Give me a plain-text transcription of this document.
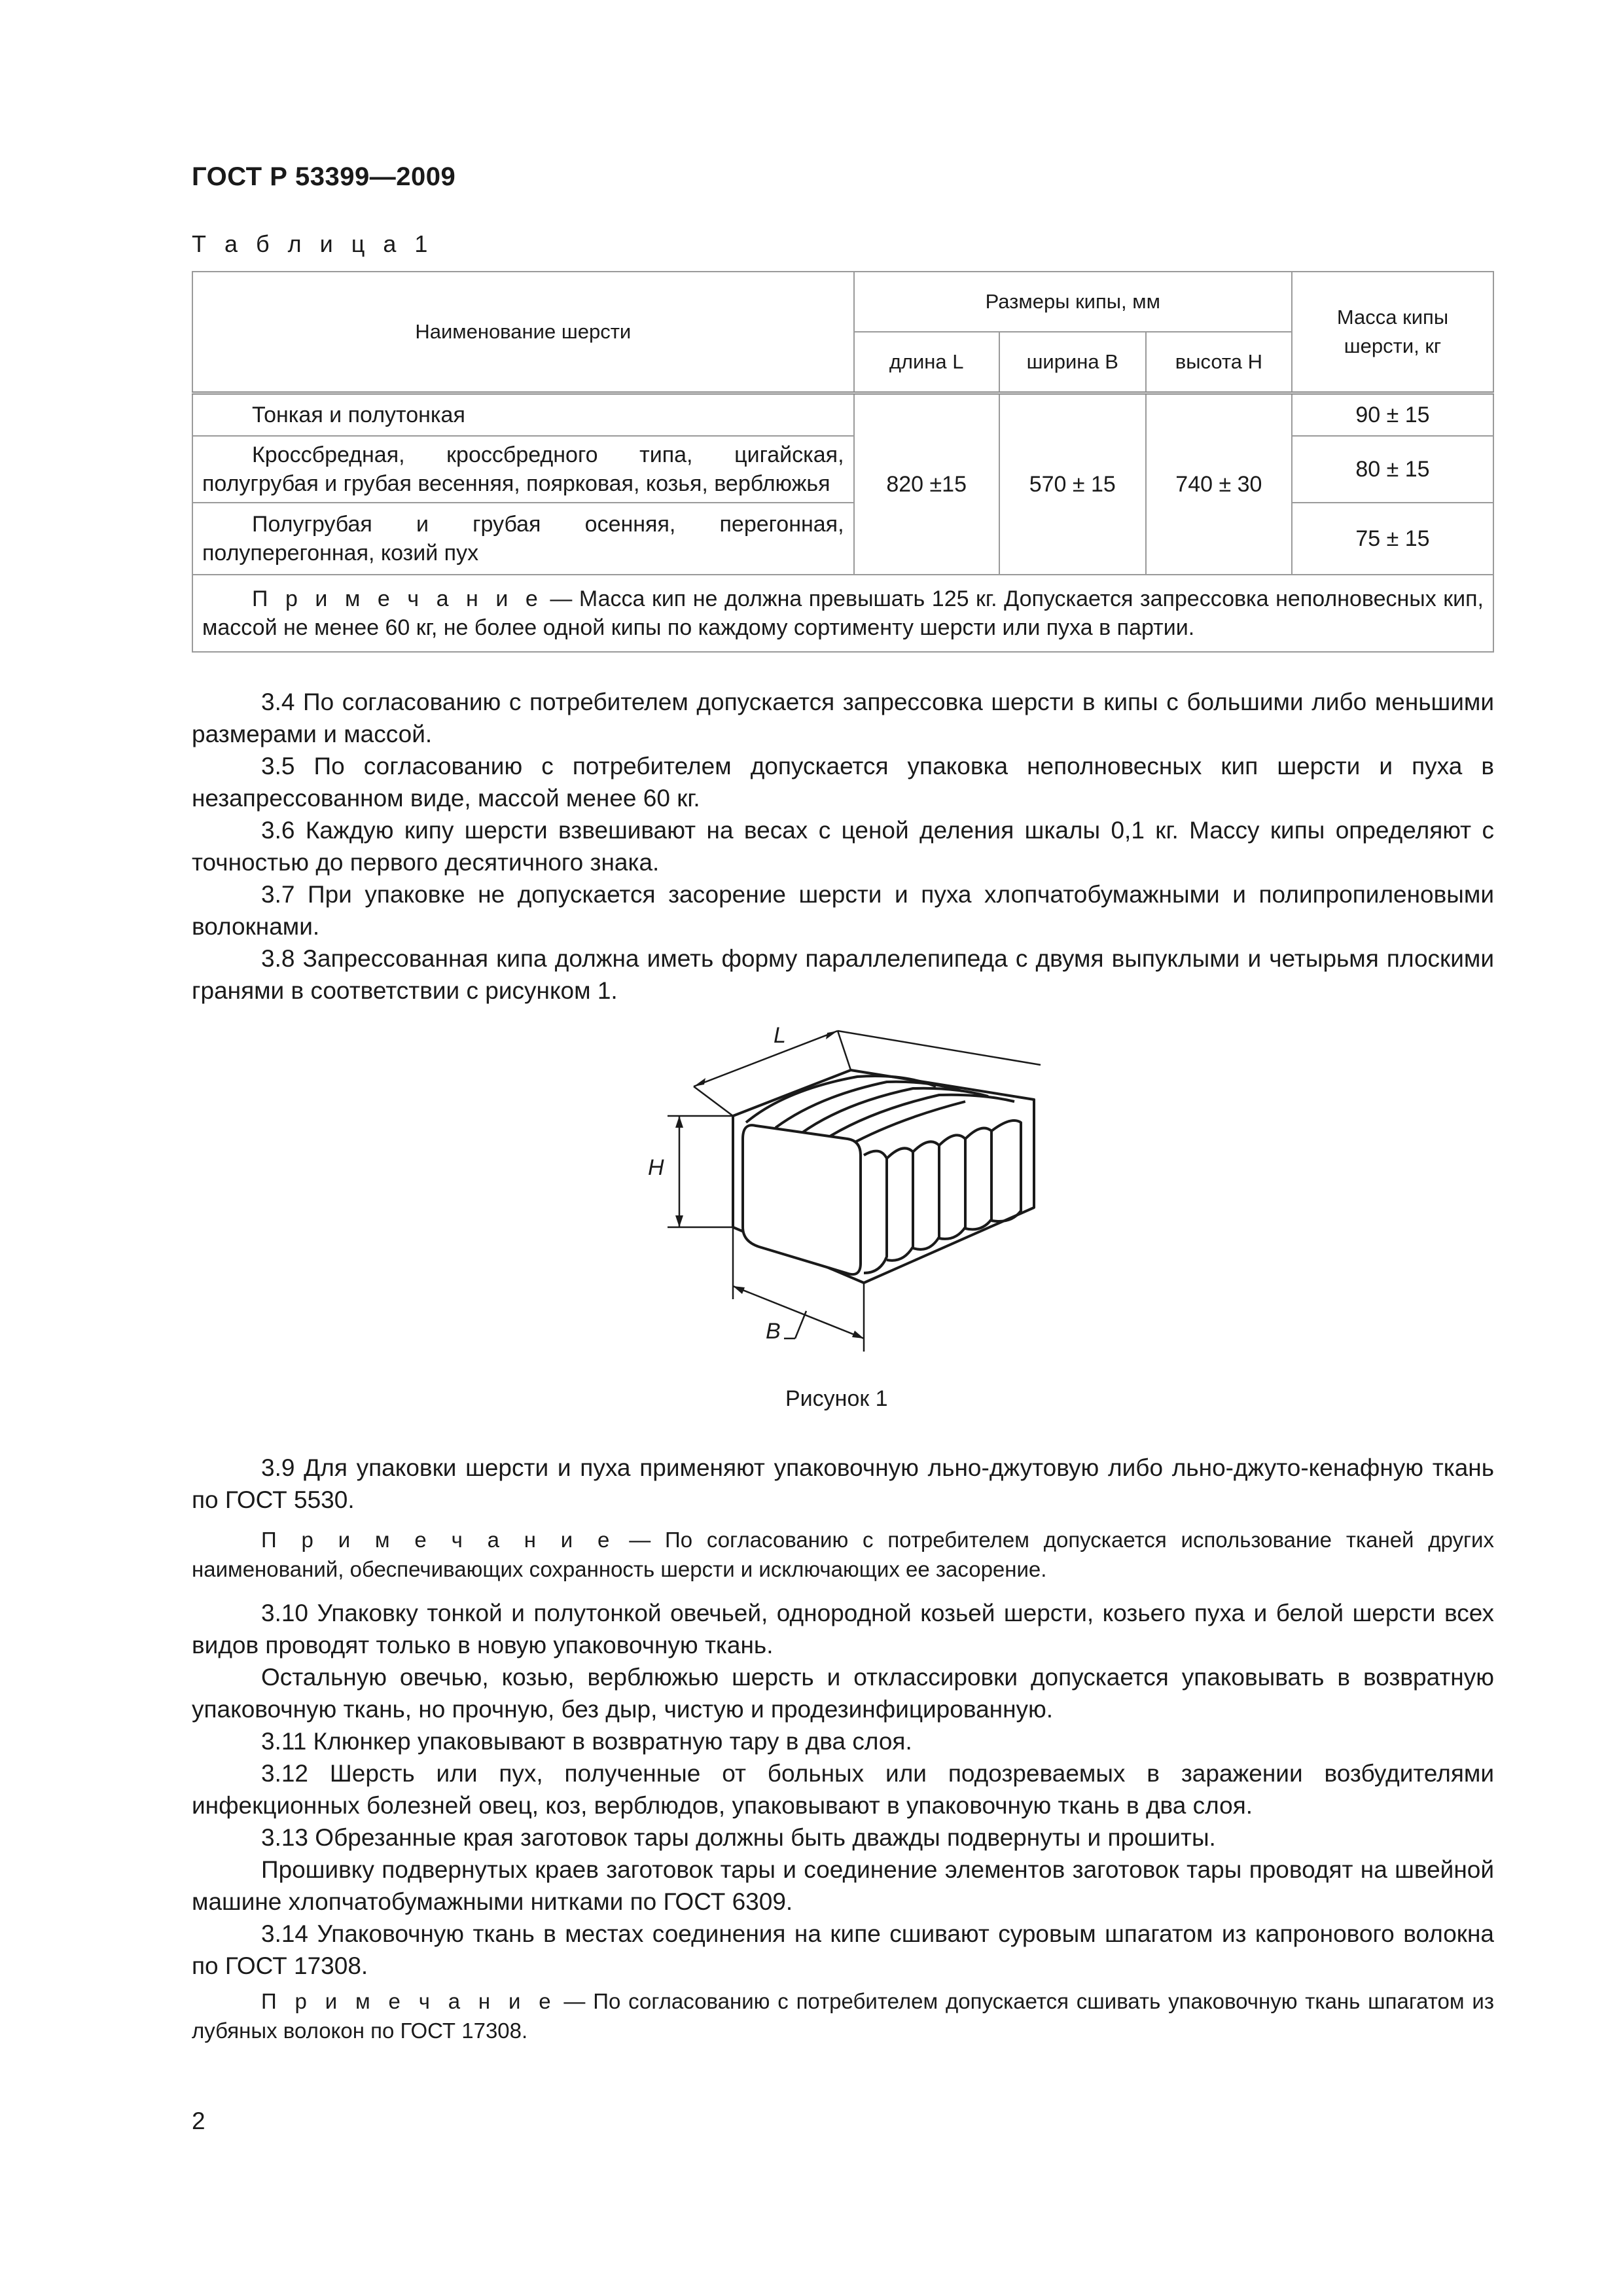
ГОСТ Р 53399—2009
Т а б л и ц а 1
Наименование шерсти	Размеры кипы, мм			Масса кипы шерсти, кг
	длина L	ширина B	высота H	
Тонкая и полутонкая	820 ±15	570 ± 15	740 ± 30	90 ± 15
Кроссбредная, кроссбредного типа, цигайская, полугрубая и грубая весенняя, поярковая, козья, верблюжья				80 ± 15
Полугрубая и грубая осенняя, перегонная, полуперегонная, козий пух				75 ± 15
П р и м е ч а н и е — Масса кип не должна превышать 125 кг. Допускается запрессовка неполновесных кип, массой не менее 60 кг, не более одной кипы по каждому сортименту шерсти или пуха в партии.				

3.4 По согласованию с потребителем допускается запрессовка шерсти в кипы с большими либо меньшими размерами и массой.

3.5 По согласованию с потребителем допускается упаковка неполновесных кип шерсти и пуха в незапрессованном виде, массой менее 60 кг.

3.6 Каждую кипу шерсти взвешивают на весах с ценой деления шкалы 0,1 кг. Массу кипы определяют с точностью до первого десятичного знака.

3.7 При упаковке не допускается засорение шерсти и пуха хлопчатобумажными и полипропиленовыми волокнами.

3.8 Запрессованная кипа должна иметь форму параллелепипеда с двумя выпуклыми и четырьмя плоскими гранями в соответствии с рисунком 1.

L
H
B
Рисунок 1

3.9 Для упаковки шерсти и пуха применяют упаковочную льно-джутовую либо льно-джуто-кенафную ткань по ГОСТ 5530.

П р и м е ч а н и е — По согласованию с потребителем допускается использование тканей других наименований, обеспечивающих сохранность шерсти и исключающих ее засорение.

3.10 Упаковку тонкой и полутонкой овечьей, однородной козьей шерсти, козьего пуха и белой шерсти всех видов проводят только в новую упаковочную ткань.

Остальную овечью, козью, верблюжью шерсть и отклассировки допускается упаковывать в возвратную упаковочную ткань, но прочную, без дыр, чистую и продезинфицированную.

3.11 Клюнкер упаковывают в возвратную тару в два слоя.

3.12 Шерсть или пух, полученные от больных или подозреваемых в заражении возбудителями инфекционных болезней овец, коз, верблюдов, упаковывают в упаковочную ткань в два слоя.

3.13 Обрезанные края заготовок тары должны быть дважды подвернуты и прошиты.

Прошивку подвернутых краев заготовок тары и соединение элементов заготовок тары проводят на швейной машине хлопчатобумажными нитками по ГОСТ 6309.

3.14 Упаковочную ткань в местах соединения на кипе сшивают суровым шпагатом из капронового волокна по ГОСТ 17308.

П р и м е ч а н и е — По согласованию с потребителем допускается сшивать упаковочную ткань шпагатом из лубяных волокон по ГОСТ 17308.

2
